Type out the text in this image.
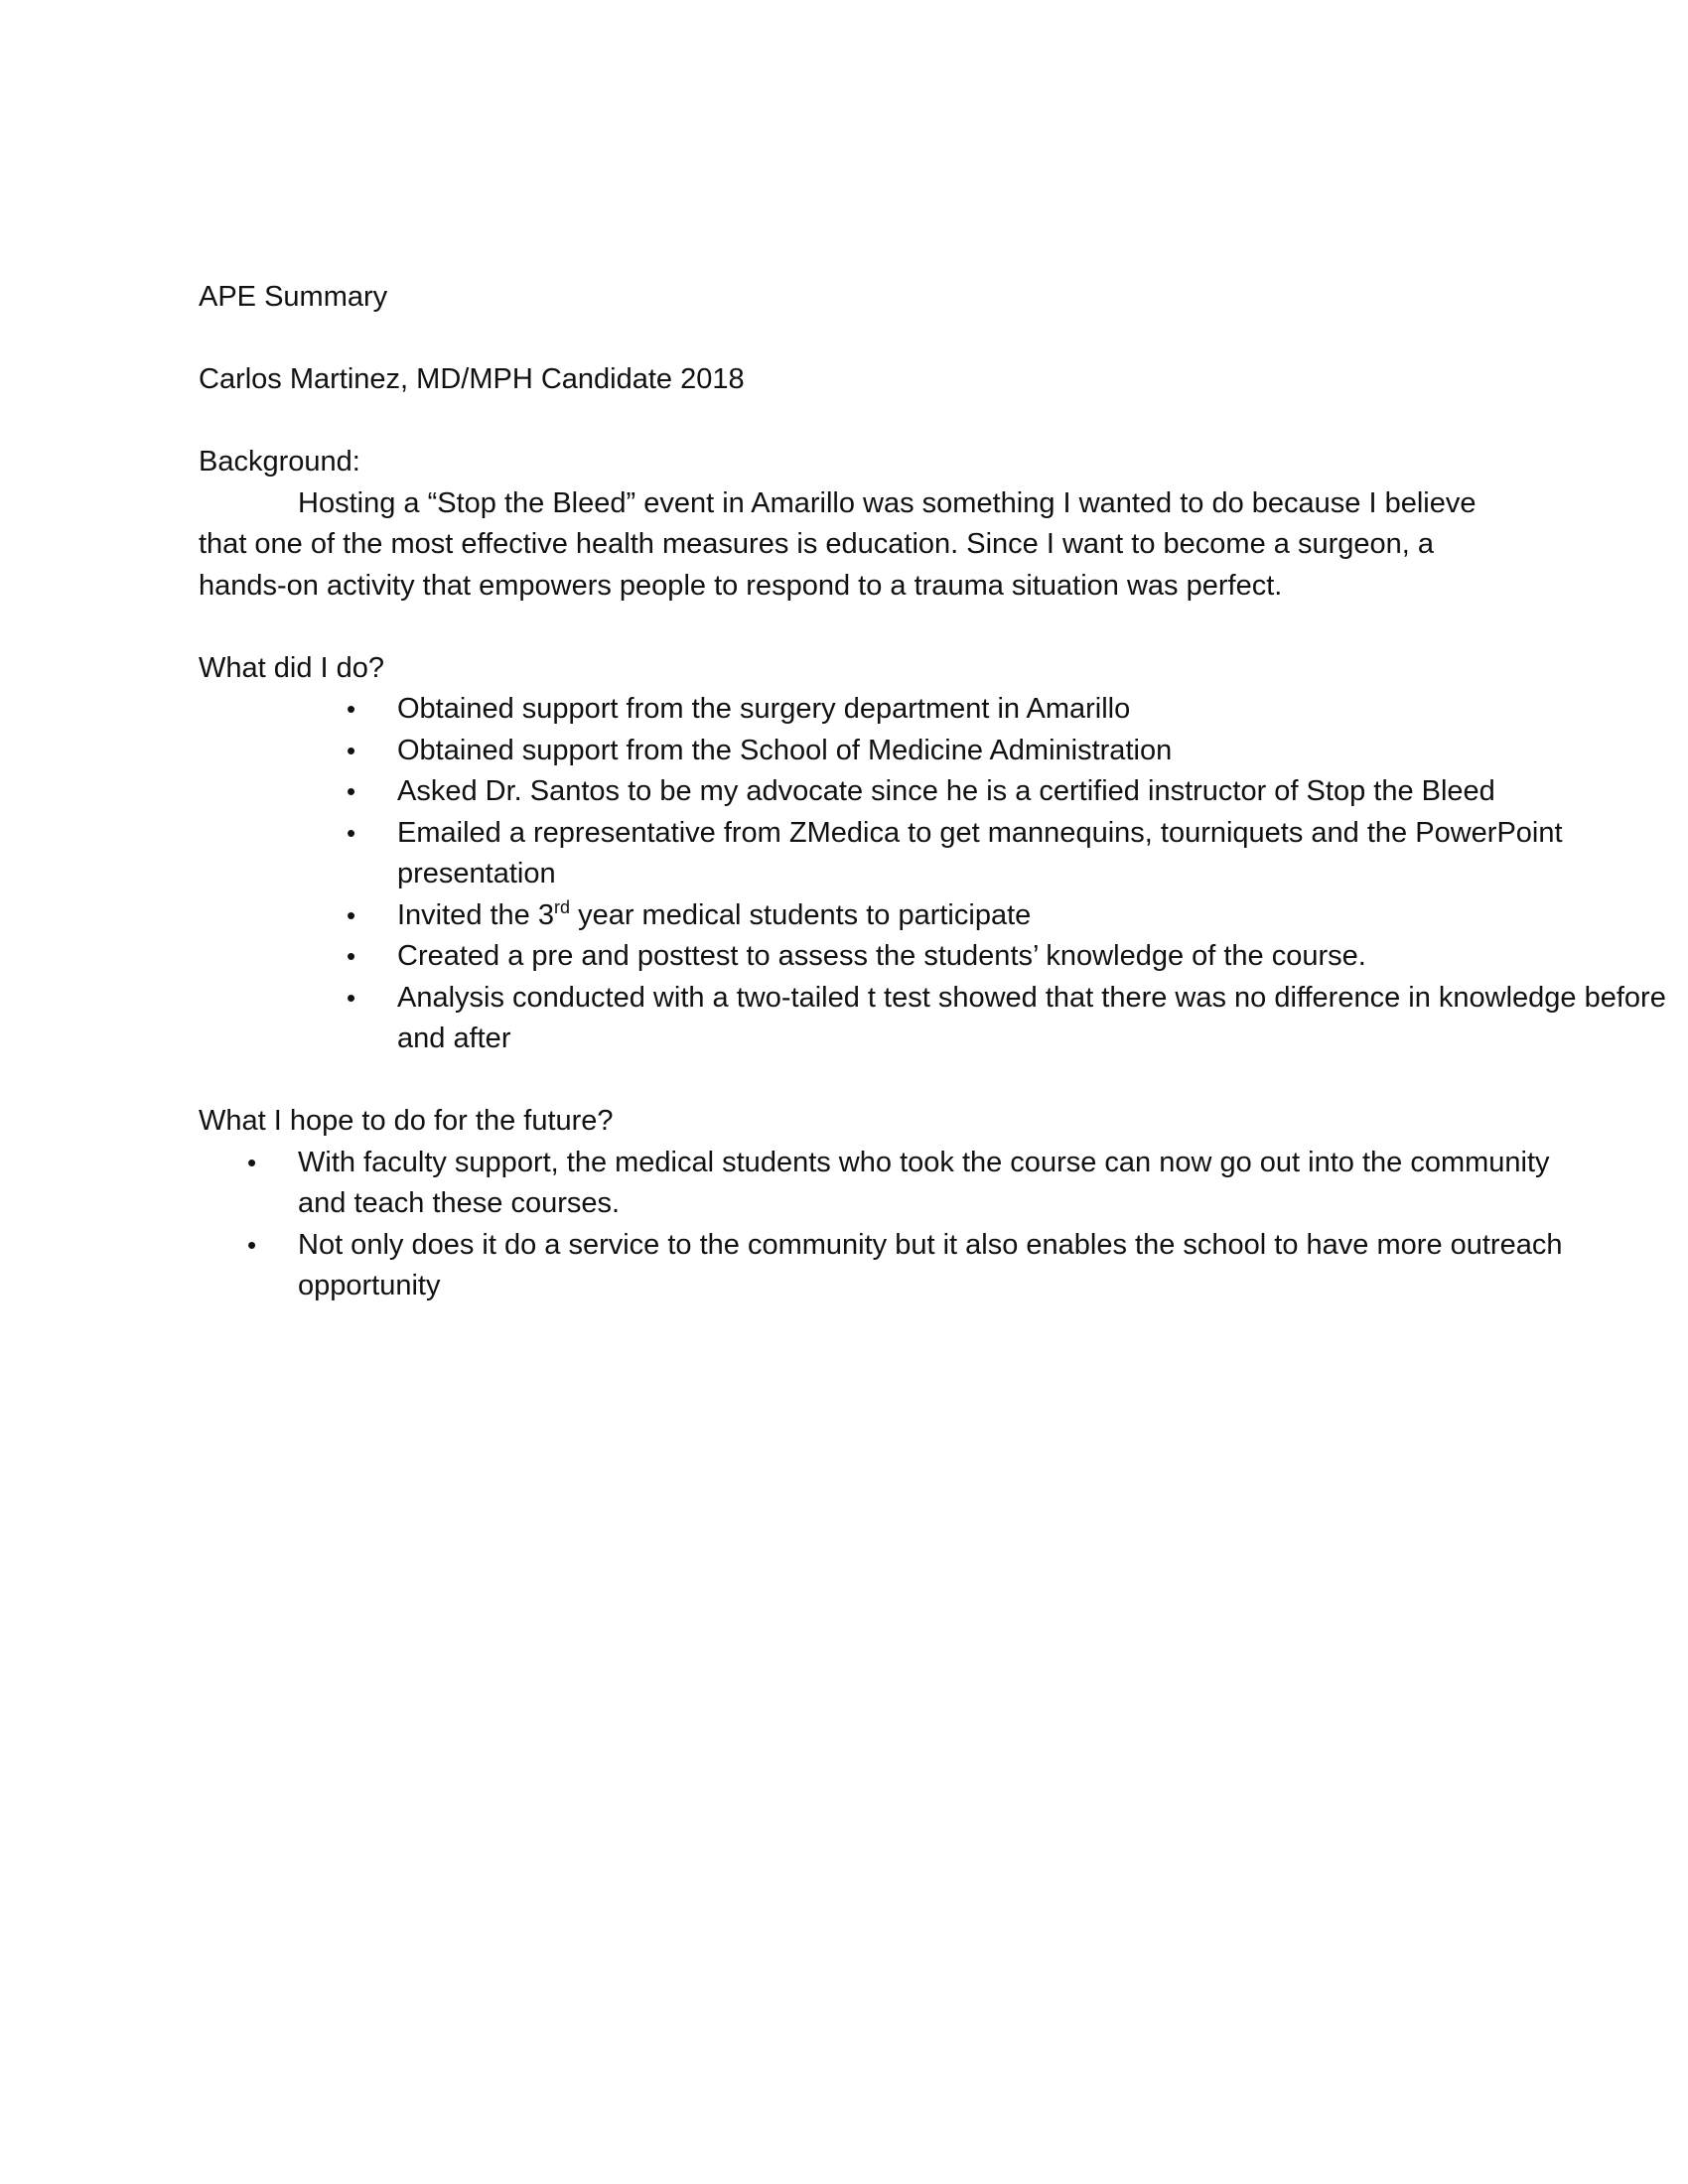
APE Summary

Carlos Martinez, MD/MPH Candidate 2018

Background:

Hosting a “Stop the Bleed” event in Amarillo was something I wanted to do because I believe that one of the most effective health measures is education. Since I want to become a surgeon, a hands-on activity that empowers people to respond to a trauma situation was perfect.

What did I do?

• Obtained support from the surgery department in Amarillo
• Obtained support from the School of Medicine Administration
• Asked Dr. Santos to be my advocate since he is a certified instructor of Stop the Bleed
• Emailed a representative from ZMedica to get mannequins, tourniquets and the PowerPoint presentation
• Invited the 3rd year medical students to participate
• Created a pre and posttest to assess the students’ knowledge of the course.
• Analysis conducted with a two-tailed t test showed that there was no difference in knowledge before and after

What I hope to do for the future?

• With faculty support, the medical students who took the course can now go out into the community and teach these courses.
• Not only does it do a service to the community but it also enables the school to have more outreach opportunity
